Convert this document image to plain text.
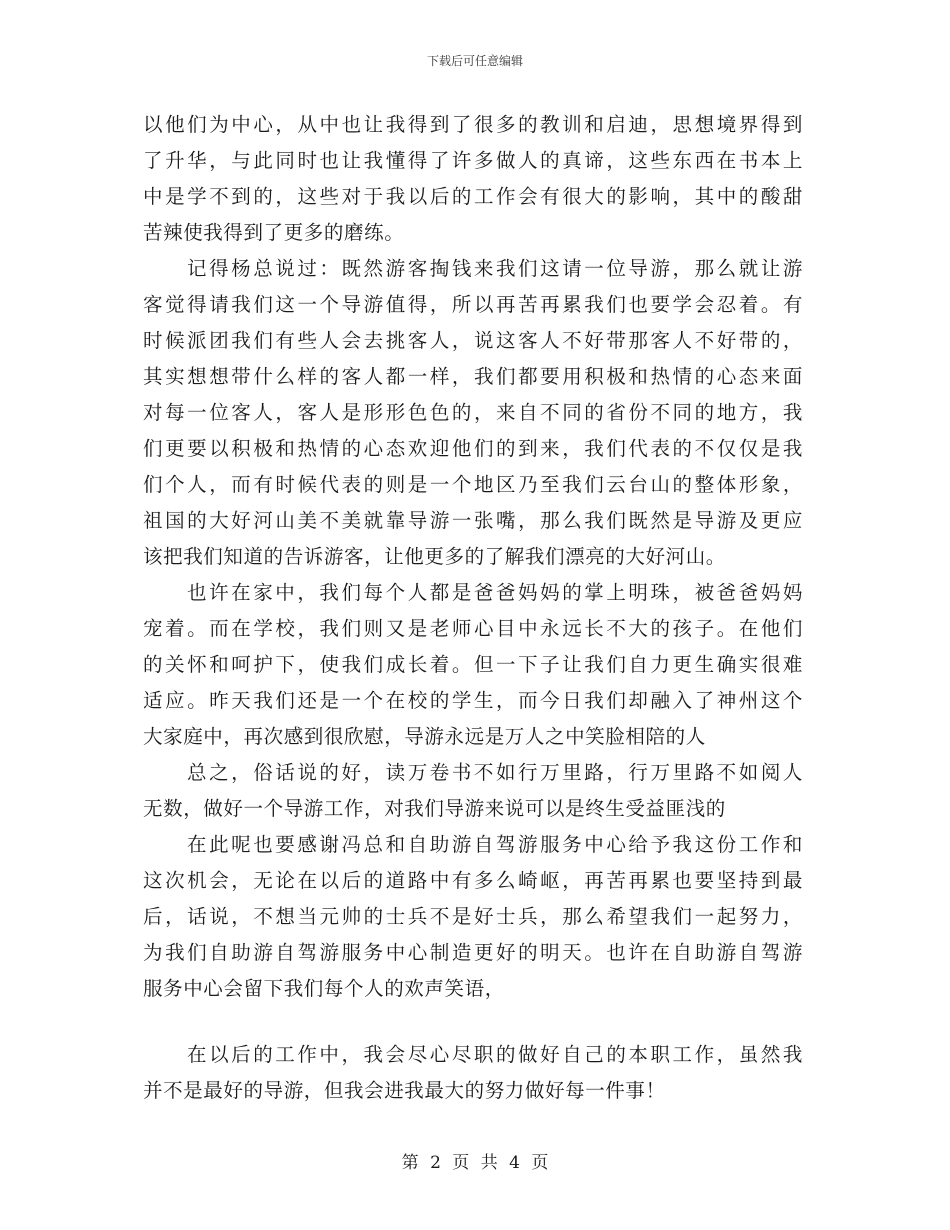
下载后可任意编辑
以他们为中心，从中也让我得到了很多的教训和启迪，思想境界得到
了升华，与此同时也让我懂得了许多做人的真谛，这些东西在书本上
中是学不到的，这些对于我以后的工作会有很大的影响，其中的酸甜
苦辣使我得到了更多的磨练。
记得杨总说过：既然游客掏钱来我们这请一位导游，那么就让游
客觉得请我们这一个导游值得，所以再苦再累我们也要学会忍着。有
时候派团我们有些人会去挑客人，说这客人不好带那客人不好带的，
其实想想带什么样的客人都一样，我们都要用积极和热情的心态来面
对每一位客人，客人是形形色色的，来自不同的省份不同的地方，我
们更要以积极和热情的心态欢迎他们的到来，我们代表的不仅仅是我
们个人，而有时候代表的则是一个地区乃至我们云台山的整体形象，
祖国的大好河山美不美就靠导游一张嘴，那么我们既然是导游及更应
该把我们知道的告诉游客，让他更多的了解我们漂亮的大好河山。
也许在家中，我们每个人都是爸爸妈妈的掌上明珠，被爸爸妈妈
宠着。而在学校，我们则又是老师心目中永远长不大的孩子。在他们
的关怀和呵护下，使我们成长着。但一下子让我们自力更生确实很难
适应。昨天我们还是一个在校的学生，而今日我们却融入了神州这个
大家庭中，再次感到很欣慰，导游永远是万人之中笑脸相陪的人
总之，俗话说的好，读万卷书不如行万里路，行万里路不如阅人
无数，做好一个导游工作，对我们导游来说可以是终生受益匪浅的
在此呢也要感谢冯总和自助游自驾游服务中心给予我这份工作和
这次机会，无论在以后的道路中有多么崎岖，再苦再累也要坚持到最
后，话说，不想当元帅的士兵不是好士兵，那么希望我们一起努力，
为我们自助游自驾游服务中心制造更好的明天。也许在自助游自驾游
服务中心会留下我们每个人的欢声笑语，
在以后的工作中，我会尽心尽职的做好自己的本职工作，虽然我
并不是最好的导游，但我会进我最大的努力做好每一件事！
第 2 页 共 4 页
